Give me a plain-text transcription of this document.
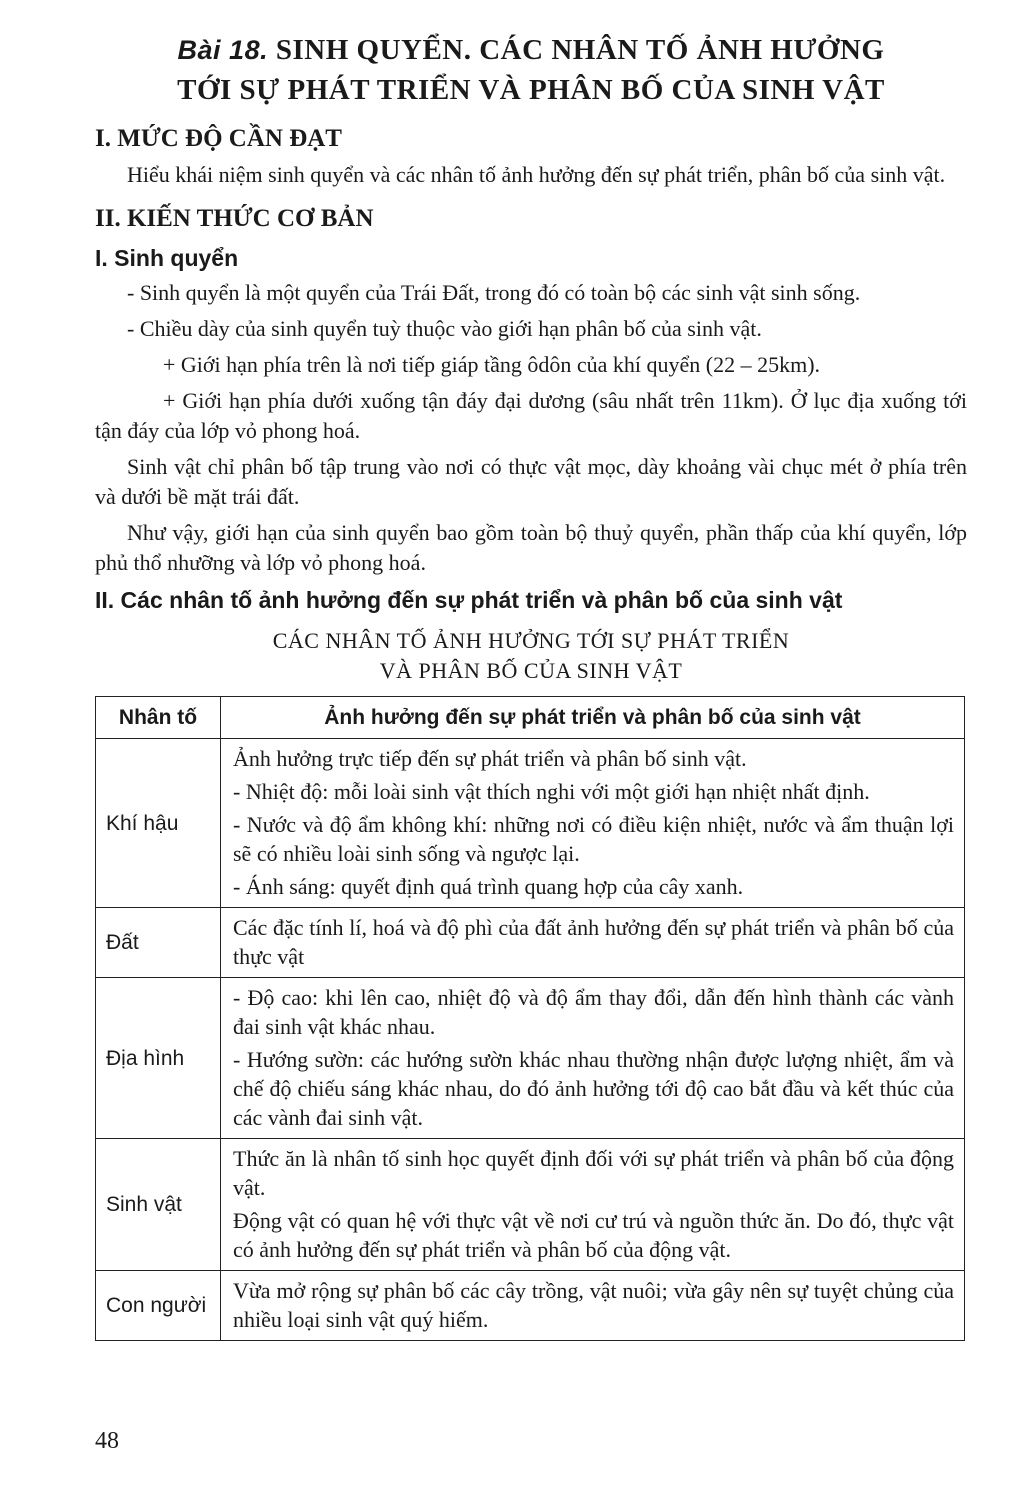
Bài 18. SINH QUYỂN. CÁC NHÂN TỐ ẢNH HƯỞNG
TỚI SỰ PHÁT TRIỂN VÀ PHÂN BỐ CỦA SINH VẬT
I. MỨC ĐỘ CẦN ĐẠT

Hiểu khái niệm sinh quyển và các nhân tố ảnh hưởng đến sự phát triển, phân bố của sinh vật.

II. KIẾN THỨC CƠ BẢN
I. Sinh quyển

- Sinh quyển là một quyển của Trái Đất, trong đó có toàn bộ các sinh vật sinh sống.

- Chiều dày của sinh quyển tuỳ thuộc vào giới hạn phân bố của sinh vật.

+ Giới hạn phía trên là nơi tiếp giáp tầng ôdôn của khí quyển (22 – 25km).

+ Giới hạn phía dưới xuống tận đáy đại dương (sâu nhất trên 11km). Ở lục địa xuống tới tận đáy của lớp vỏ phong hoá.

Sinh vật chỉ phân bố tập trung vào nơi có thực vật mọc, dày khoảng vài chục mét ở phía trên và dưới bề mặt trái đất.

Như vậy, giới hạn của sinh quyển bao gồm toàn bộ thuỷ quyển, phần thấp của khí quyển, lớp phủ thổ nhưỡng và lớp vỏ phong hoá.

II. Các nhân tố ảnh hưởng đến sự phát triển và phân bố của sinh vật
CÁC NHÂN TỐ ẢNH HƯỞNG TỚI SỰ PHÁT TRIỂN
VÀ PHÂN BỐ CỦA SINH VẬT
Nhân tố	Ảnh hưởng đến sự phát triển và phân bố của sinh vật
Khí hậu	Ảnh hưởng trực tiếp đến sự phát triển và phân bố sinh vật.
- Nhiệt độ: mỗi loài sinh vật thích nghi với một giới hạn nhiệt nhất định.
- Nước và độ ẩm không khí: những nơi có điều kiện nhiệt, nước và ẩm thuận lợi sẽ có nhiều loài sinh sống và ngược lại.
- Ánh sáng: quyết định quá trình quang hợp của cây xanh.

Đất	Các đặc tính lí, hoá và độ phì của đất ảnh hưởng đến sự phát triển và phân bố của thực vật

Địa hình	- Độ cao: khi lên cao, nhiệt độ và độ ẩm thay đổi, dẫn đến hình thành các vành đai sinh vật khác nhau.
- Hướng sườn: các hướng sườn khác nhau thường nhận được lượng nhiệt, ẩm và chế độ chiếu sáng khác nhau, do đó ảnh hưởng tới độ cao bắt đầu và kết thúc của các vành đai sinh vật.

Sinh vật	Thức ăn là nhân tố sinh học quyết định đối với sự phát triển và phân bố của động vật.
Động vật có quan hệ với thực vật về nơi cư trú và nguồn thức ăn. Do đó, thực vật có ảnh hưởng đến sự phát triển và phân bố của động vật.

Con người	Vừa mở rộng sự phân bố các cây trồng, vật nuôi; vừa gây nên sự tuyệt chủng của nhiều loại sinh vật quý hiếm.
48
